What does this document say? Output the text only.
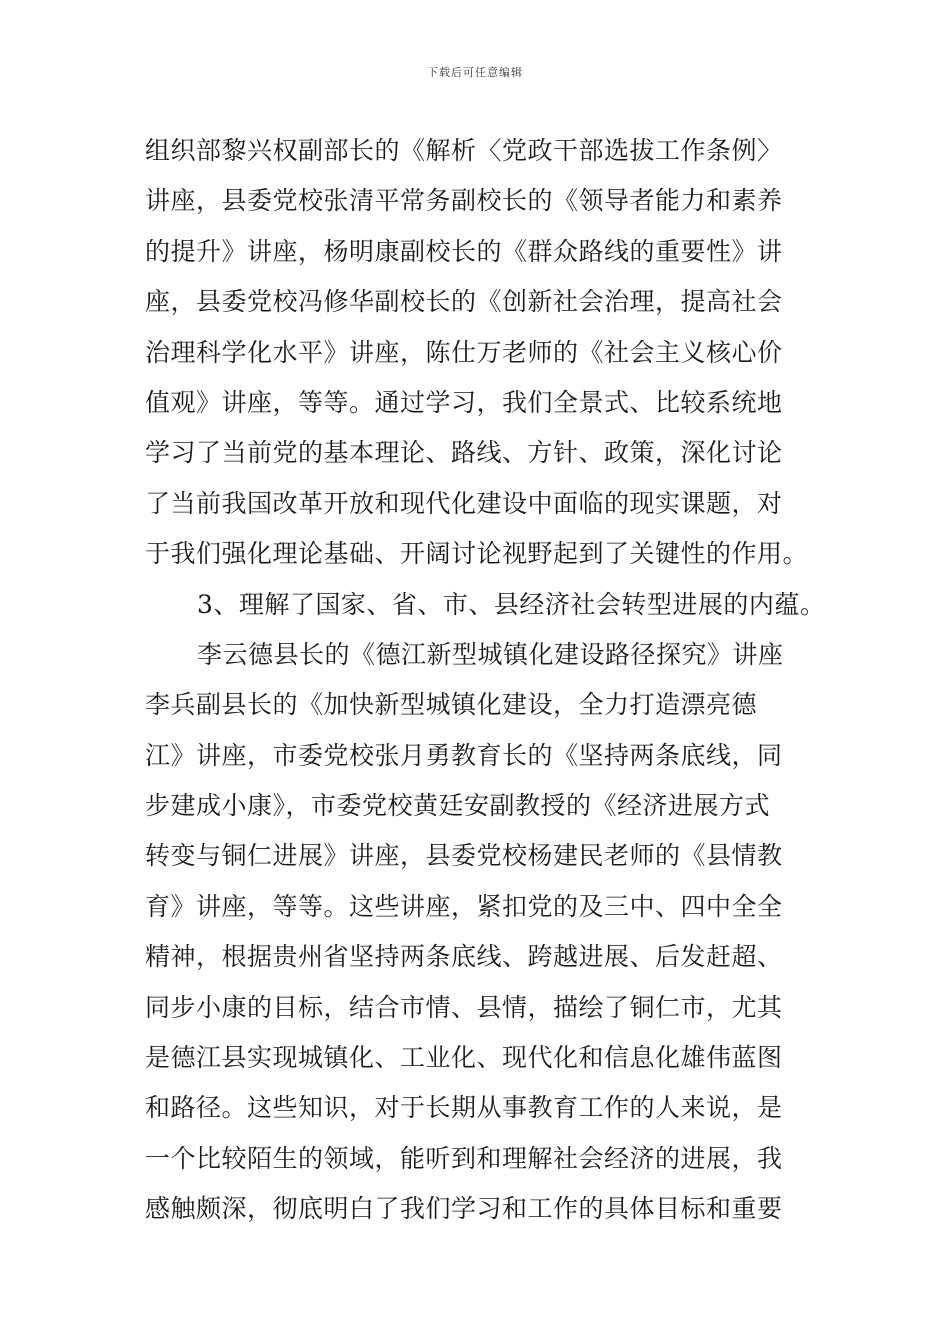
下载后可任意编辑
组织部黎兴权副部长的《解析〈党政干部选拔工作条例〉
讲座，县委党校张清平常务副校长的《领导者能力和素养
的提升》讲座，杨明康副校长的《群众路线的重要性》讲
座，县委党校冯修华副校长的《创新社会治理，提高社会
治理科学化水平》讲座，陈仕万老师的《社会主义核心价
值观》讲座，等等。通过学习，我们全景式、比较系统地
学习了当前党的基本理论、路线、方针、政策，深化讨论
了当前我国改革开放和现代化建设中面临的现实课题，对
于我们强化理论基础、开阔讨论视野起到了关键性的作用。
3、理解了国家、省、市、县经济社会转型进展的内蕴。
李云德县长的《德江新型城镇化建设路径探究》讲座
李兵副县长的《加快新型城镇化建设，全力打造漂亮德
江》讲座，市委党校张月勇教育长的《坚持两条底线，同
步建成小康》，市委党校黄廷安副教授的《经济进展方式
转变与铜仁进展》讲座，县委党校杨建民老师的《县情教
育》讲座，等等。这些讲座，紧扣党的及三中、四中全全
精神，根据贵州省坚持两条底线、跨越进展、后发赶超、
同步小康的目标，结合市情、县情，描绘了铜仁市，尤其
是德江县实现城镇化、工业化、现代化和信息化雄伟蓝图
和路径。这些知识，对于长期从事教育工作的人来说，是
一个比较陌生的领域，能听到和理解社会经济的进展，我
感触颇深，彻底明白了我们学习和工作的具体目标和重要
